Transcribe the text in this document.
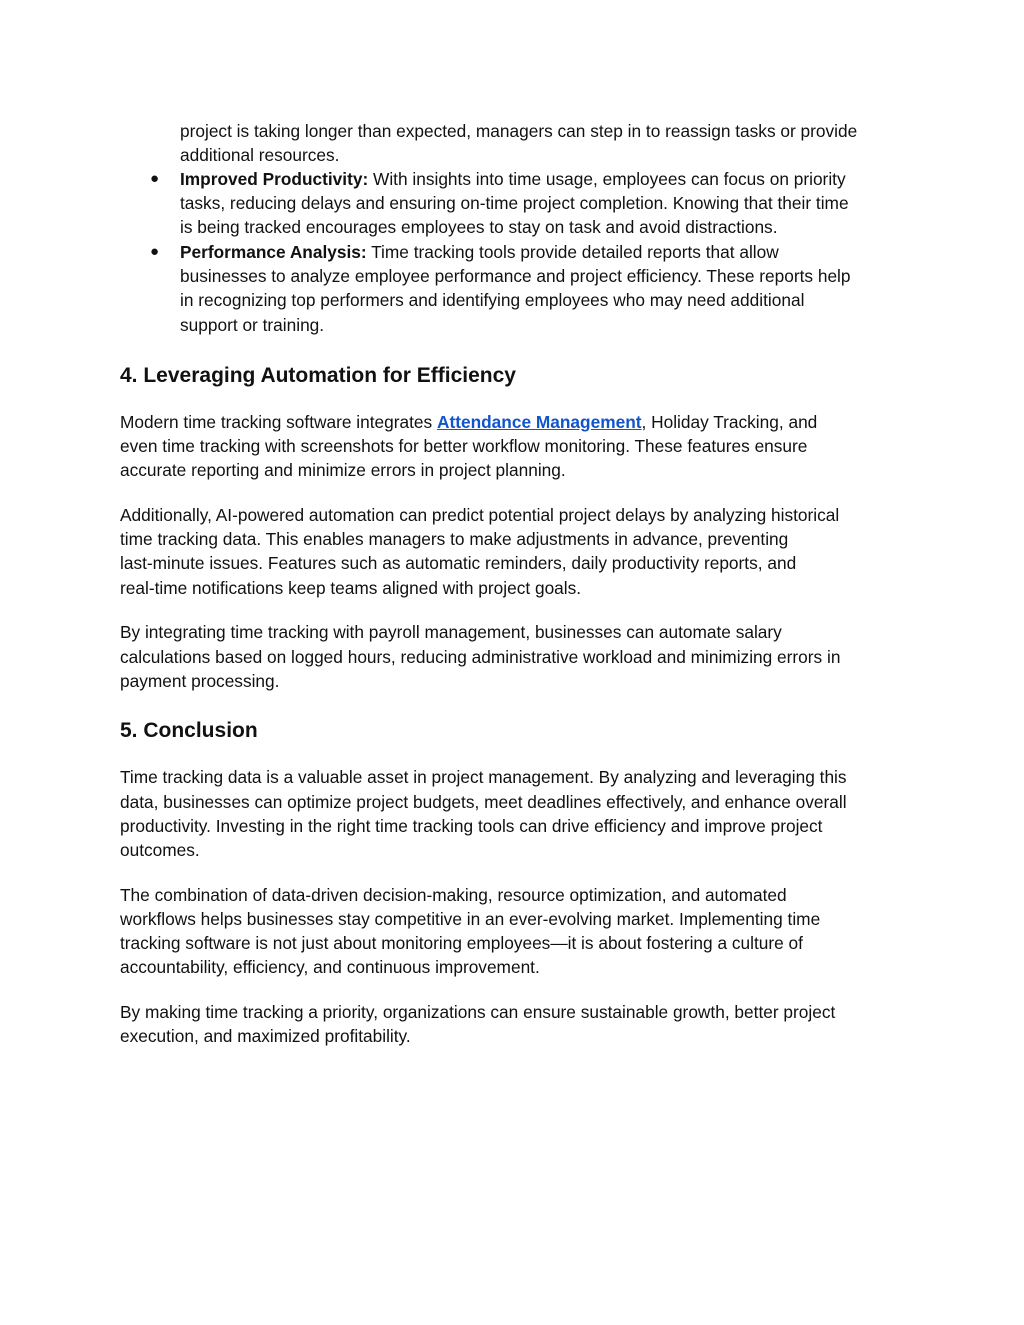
project is taking longer than expected, managers can step in to reassign tasks or provide

additional resources.

● Improved Productivity: With insights into time usage, employees can focus on priority

tasks, reducing delays and ensuring on-time project completion. Knowing that their time

is being tracked encourages employees to stay on task and avoid distractions.

● Performance Analysis: Time tracking tools provide detailed reports that allow

businesses to analyze employee performance and project efficiency. These reports help

in recognizing top performers and identifying employees who may need additional

support or training.

4. Leveraging Automation for Efficiency

Modern time tracking software integrates Attendance Management, Holiday Tracking, and

even time tracking with screenshots for better workflow monitoring. These features ensure

accurate reporting and minimize errors in project planning.

Additionally, AI-powered automation can predict potential project delays by analyzing historical

time tracking data. This enables managers to make adjustments in advance, preventing

last-minute issues. Features such as automatic reminders, daily productivity reports, and

real-time notifications keep teams aligned with project goals.

By integrating time tracking with payroll management, businesses can automate salary

calculations based on logged hours, reducing administrative workload and minimizing errors in

payment processing.

5. Conclusion

Time tracking data is a valuable asset in project management. By analyzing and leveraging this

data, businesses can optimize project budgets, meet deadlines effectively, and enhance overall

productivity. Investing in the right time tracking tools can drive efficiency and improve project

outcomes.

The combination of data-driven decision-making, resource optimization, and automated

workflows helps businesses stay competitive in an ever-evolving market. Implementing time

tracking software is not just about monitoring employees—it is about fostering a culture of

accountability, efficiency, and continuous improvement.

By making time tracking a priority, organizations can ensure sustainable growth, better project

execution, and maximized profitability.
